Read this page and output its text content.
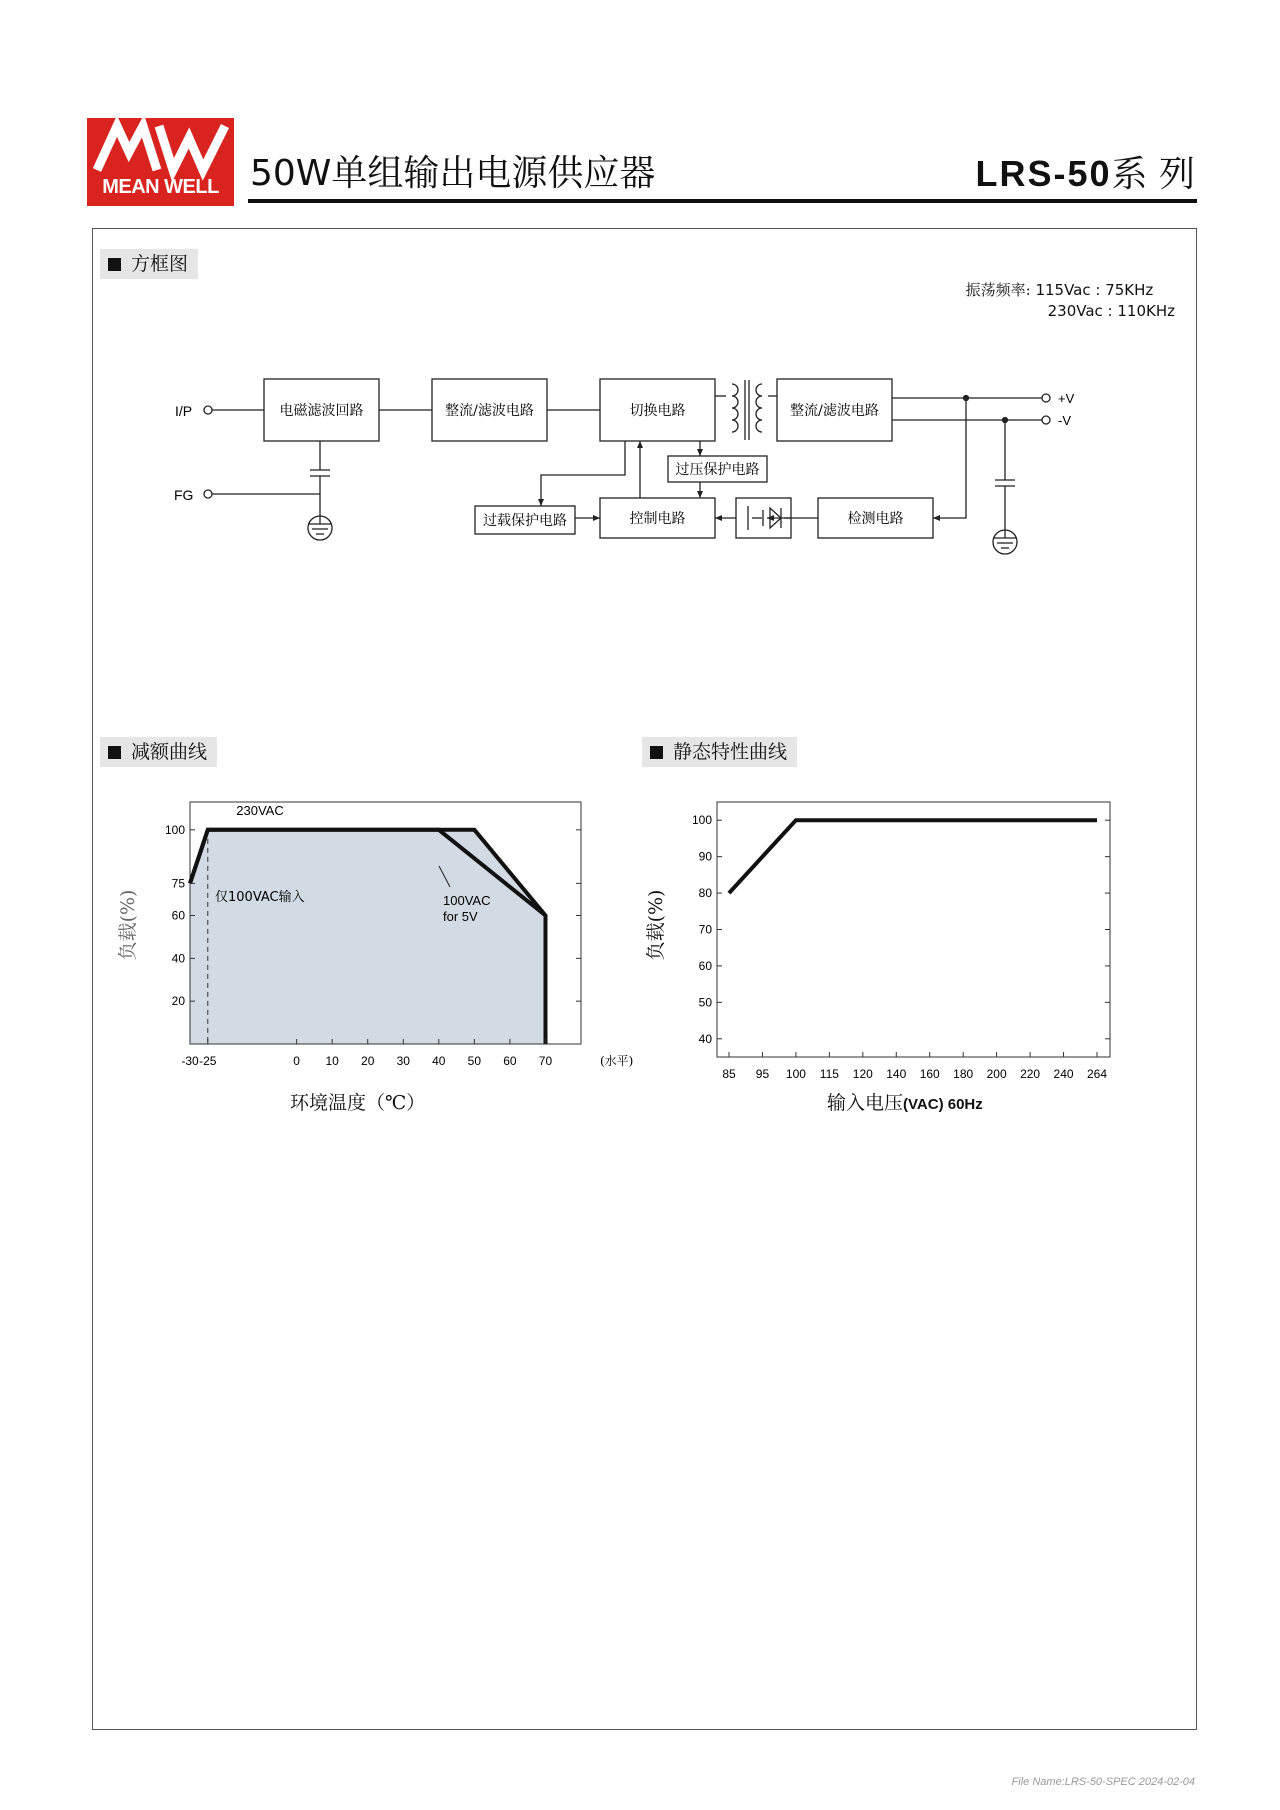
MEAN WELL 50W单组输出电源供应器	LRS-50系 列
方框图
振荡频率: 115Vac : 75KHz
230Vac : 110KHz
I/P
FG
+V
-V
电磁滤波回路	整流/滤波电路	切换电路	整流/滤波电路
过压保护电路
过载保护电路	控制电路	检测电路
减额曲线
-30 -25	0 10 20 30 40 50 60 70
20
40
60
75
100
230VAC
仅100VAC输入	100VAC
for 5V
(水平)
负载(%)
环境温度（℃）
静态特性曲线
85 95 100 115 120 140 160 180 200 220 240 264
40
50
60
70
80
90
100
负载(%)
输入电压(VAC) 60Hz
File Name:LRS-50-SPEC 2024-02-04
